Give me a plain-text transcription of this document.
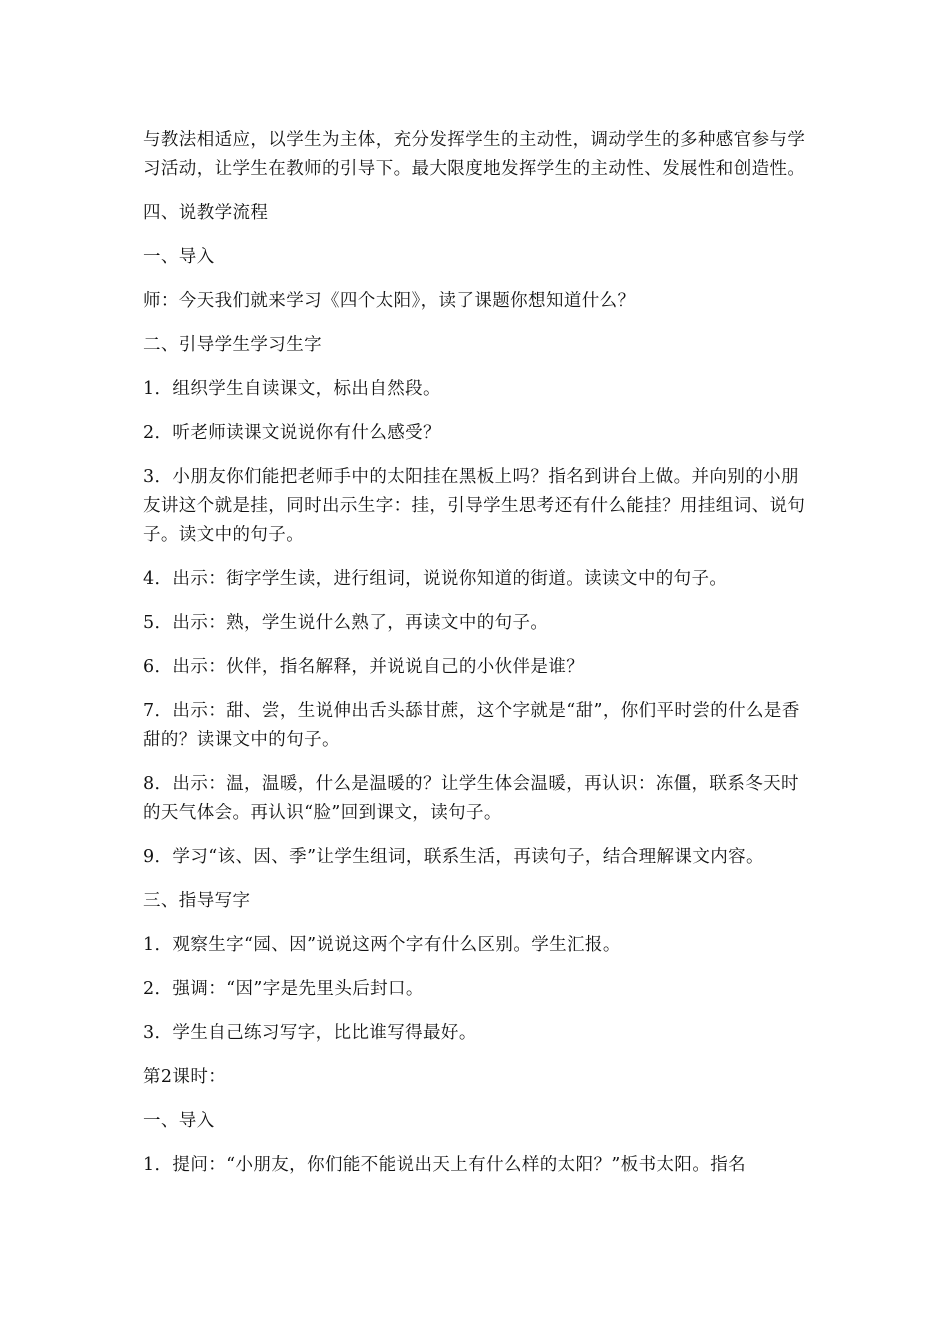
与教法相适应，以学生为主体，充分发挥学生的主动性，调动学生的多种感官参与学习活动，让学生在教师的引导下。最大限度地发挥学生的主动性、发展性和创造性。

四、说教学流程

一、导入

师：今天我们就来学习《四个太阳》，读了课题你想知道什么？

二、引导学生学习生字

1．组织学生自读课文，标出自然段。

2．听老师读课文说说你有什么感受？

3．小朋友你们能把老师手中的太阳挂在黑板上吗？指名到讲台上做。并向别的小朋友讲这个就是挂，同时出示生字：挂，引导学生思考还有什么能挂？用挂组词、说句子。读文中的句子。

4．出示：街字学生读，进行组词，说说你知道的街道。读读文中的句子。

5．出示：熟，学生说什么熟了，再读文中的句子。

6．出示：伙伴，指名解释，并说说自己的小伙伴是谁？

7．出示：甜、尝，生说伸出舌头舔甘蔗，这个字就是“甜”，你们平时尝的什么是香甜的？读课文中的句子。

8．出示：温，温暖，什么是温暖的？让学生体会温暖，再认识：冻僵，联系冬天时的天气体会。再认识“脸”回到课文，读句子。

9．学习“该、因、季”让学生组词，联系生活，再读句子，结合理解课文内容。

三、指导写字

1．观察生字“园、因”说说这两个字有什么区别。学生汇报。

2．强调：“因”字是先里头后封口。

3．学生自己练习写字，比比谁写得最好。

第2课时：

一、导入

1．提问：“小朋友，你们能不能说出天上有什么样的太阳？”板书太阳。指名
